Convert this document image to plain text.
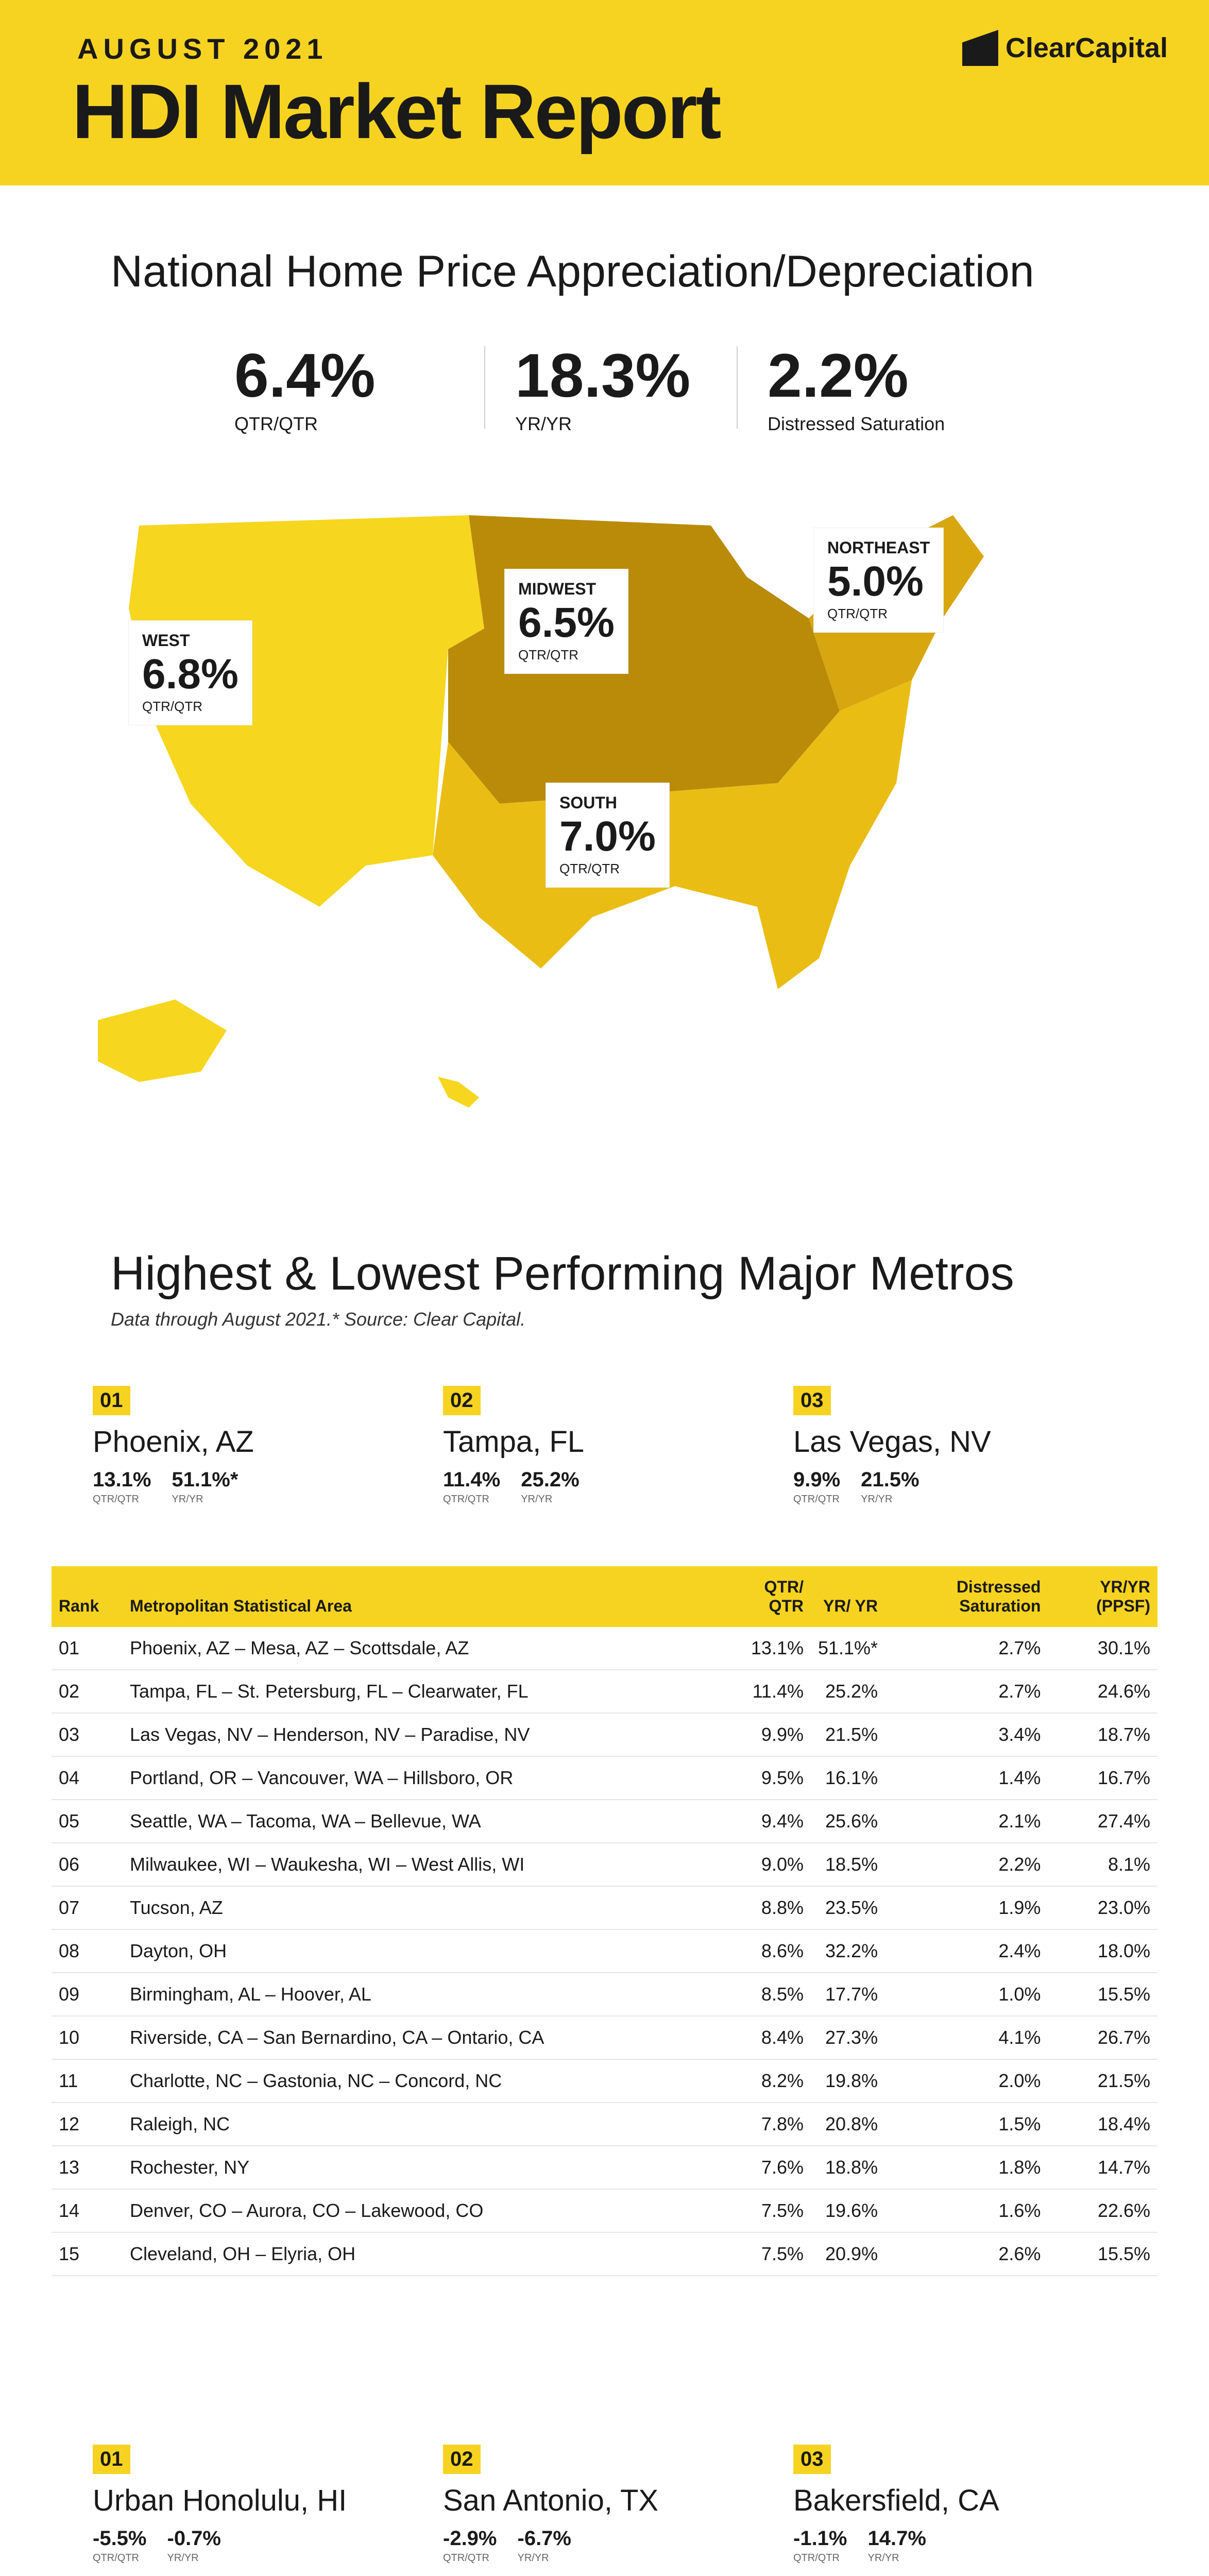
AUGUST 2021
HDI Market Report
ClearCapital
National Home Price Appreciation/Depreciation
6.4%
QTR/QTR
18.3%
YR/YR
2.2%
Distressed Saturation
WEST
6.8%
QTR/QTR
MIDWEST
6.5%
QTR/QTR
NORTHEAST
5.0%
QTR/QTR
SOUTH
7.0%
QTR/QTR
Highest & Lowest Performing Major Metros
Data through August 2021.* Source: Clear Capital.
01
Phoenix, AZ
13.1%
QTR/QTR
51.1%*
YR/YR
02
Tampa, FL
11.4%
QTR/QTR
25.2%
YR/YR
03
Las Vegas, NV
9.9%
QTR/QTR
21.5%
YR/YR
Rank	Metropolitan Statistical Area	QTR/ QTR	YR/ YR	Distressed Saturation	YR/YR (PPSF)
01	Phoenix, AZ – Mesa, AZ – Scottsdale, AZ	13.1%	51.1%*	2.7%	30.1%
02	Tampa, FL – St. Petersburg, FL – Clearwater, FL	11.4%	25.2%	2.7%	24.6%
03	Las Vegas, NV – Henderson, NV – Paradise, NV	9.9%	21.5%	3.4%	18.7%
04	Portland, OR – Vancouver, WA – Hillsboro, OR	9.5%	16.1%	1.4%	16.7%
05	Seattle, WA – Tacoma, WA – Bellevue, WA	9.4%	25.6%	2.1%	27.4%
06	Milwaukee, WI – Waukesha, WI – West Allis, WI	9.0%	18.5%	2.2%	8.1%
07	Tucson, AZ	8.8%	23.5%	1.9%	23.0%
08	Dayton, OH	8.6%	32.2%	2.4%	18.0%
09	Birmingham, AL – Hoover, AL	8.5%	17.7%	1.0%	15.5%
10	Riverside, CA – San Bernardino, CA – Ontario, CA	8.4%	27.3%	4.1%	26.7%
11	Charlotte, NC – Gastonia, NC – Concord, NC	8.2%	19.8%	2.0%	21.5%
12	Raleigh, NC	7.8%	20.8%	1.5%	18.4%
13	Rochester, NY	7.6%	18.8%	1.8%	14.7%
14	Denver, CO – Aurora, CO – Lakewood, CO	7.5%	19.6%	1.6%	22.6%
15	Cleveland, OH – Elyria, OH	7.5%	20.9%	2.6%	15.5%
01
Urban Honolulu, HI
-5.5%
QTR/QTR
-0.7%
YR/YR
02
San Antonio, TX
-2.9%
QTR/QTR
-6.7%
YR/YR
03
Bakersfield, CA
-1.1%
QTR/QTR
14.7%
YR/YR
